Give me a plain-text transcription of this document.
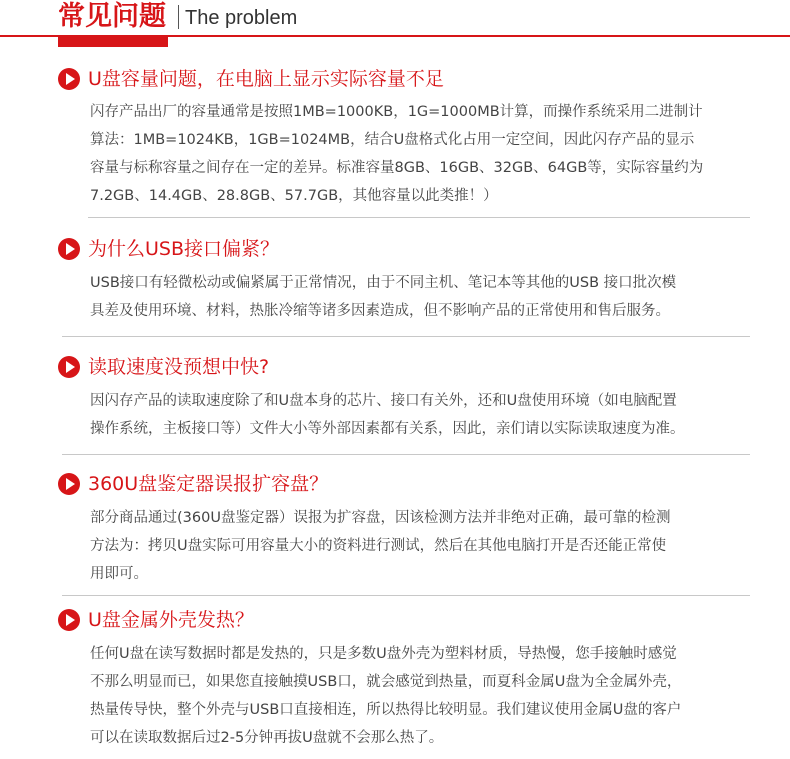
常见问题 The problem
U盘容量问题，在电脑上显示实际容量不足
闪存产品出厂的容量通常是按照1MB=1000KB，1G=1000MB计算，而操作系统采用二进制计
算法：1MB=1024KB，1GB=1024MB，结合U盘格式化占用一定空间，因此闪存产品的显示
容量与标称容量之间存在一定的差异。标准容量8GB、16GB、32GB、64GB等，实际容量约为
7.2GB、14.4GB、28.8GB、57.7GB，其他容量以此类推！）
为什么USB接口偏紧？
USB接口有轻微松动或偏紧属于正常情况，由于不同主机、笔记本等其他的USB 接口批次模
具差及使用环境、材料，热胀冷缩等诸多因素造成，但不影响产品的正常使用和售后服务。
读取速度没预想中快?
因闪存产品的读取速度除了和U盘本身的芯片、接口有关外，还和U盘使用环境（如电脑配置
操作系统，主板接口等）文件大小等外部因素都有关系，因此，亲们请以实际读取速度为准。
360U盘鉴定器误报扩容盘？
部分商品通过(360U盘鉴定器）误报为扩容盘，因该检测方法并非绝对正确，最可靠的检测
方法为：拷贝U盘实际可用容量大小的资料进行测试，然后在其他电脑打开是否还能正常使
用即可。
U盘金属外壳发热？
任何U盘在读写数据时都是发热的，只是多数U盘外壳为塑料材质，导热慢，您手接触时感觉
不那么明显而已，如果您直接触摸USB口，就会感觉到热量，而夏科金属U盘为全金属外壳，
热量传导快，整个外壳与USB口直接相连，所以热得比较明显。我们建议使用金属U盘的客户
可以在读取数据后过2-5分钟再拔U盘就不会那么热了。
